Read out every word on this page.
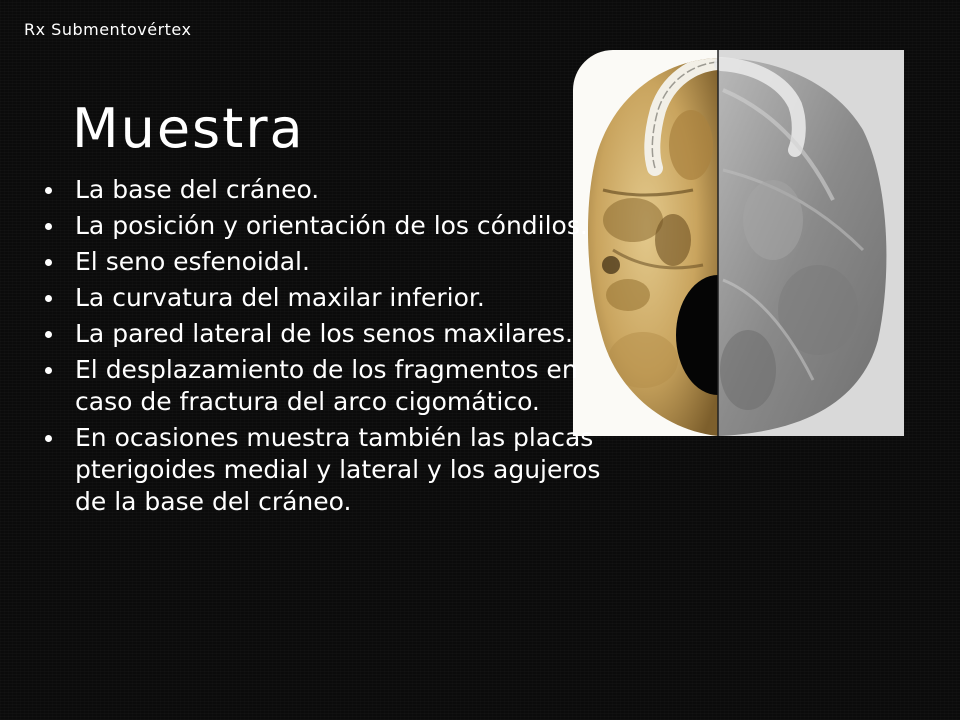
Rx Submentovértex
Muestra
La base del cráneo.
La posición y orientación de los cóndilos.
El seno esfenoidal.
La curvatura del maxilar inferior.
La pared lateral de los senos maxilares.
El desplazamiento de los fragmentos en caso de fractura del arco cigomático.
En ocasiones muestra también las placas pterigoides medial y lateral y los agujeros de la base del cráneo.
